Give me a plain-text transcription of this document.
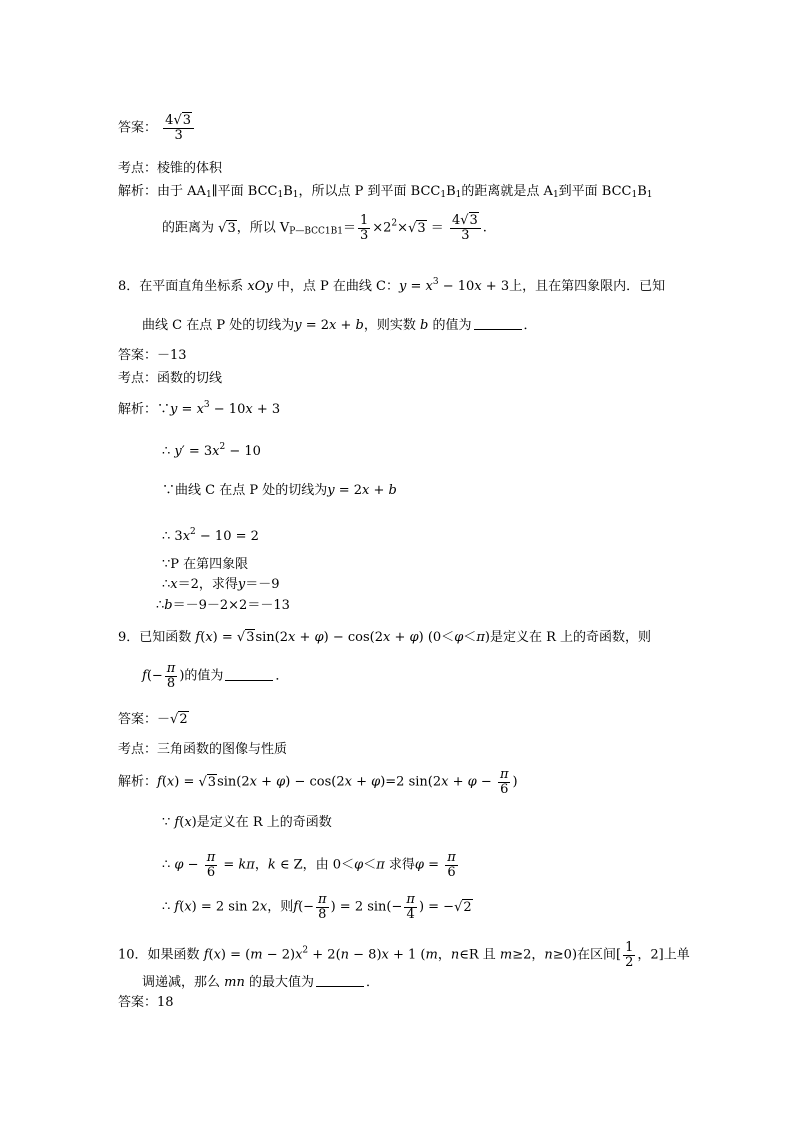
答案： $\frac{4√3}{3}$
考点：棱锥的体积
解析：由于 $AA_1\parallel$平面 $BCC_1B_1$，所以点 P 到平面 $BCC_1B_1$的距离就是点 $A_1$到平面 $BCC_1B_1$
的距离为 √3，所以 $V_{P—BCC1B1}= \frac{1}{3} \times 2^2\times√3 = \frac{4√3}{3}$ .
8．在平面直角坐标系 xOy 中，点 P 在曲线 C：$y = x^3 - 10x + 3$上，且在第四象限内．已知
曲线 C 在点 P 处的切线为y = 2x + b，则实数 b 的值为	．
答案：－13
考点：函数的切线
解析：∵y = $x^3 - 10x + 3$
∴ $y' = 3x^2 - 10$
∵曲线 C 在点 P 处的切线为y = 2x + b
∴ $3x^2 - 10 = 2$
∵P 在第四象限
∴x＝2，求得y＝－9
∴b＝－9－2×2＝－13
9．已知函数 f(x) = √3sin(2x + φ) − cos(2x + φ) (0＜φ＜π)是定义在 R 上的奇函数，则
$f(- \frac{\pi}{8}$ )的值为	．
答案：－√2
考点：三角函数的图像与性质
解析：f(x) = √3sin(2x + φ) − cos(2x + φ)=2 $\sin(2x + \varphi - \frac{\pi}{6}$ )
∵ f(x)是定义在 R 上的奇函数
∴ $\varphi - \frac{\pi}{6} = k\pi$，k ∈ Z，由 0＜φ＜π 求得$\varphi = \frac{\pi}{6}$
∴ f(x) = 2 sin 2x，则$f(- \frac{\pi}{8}$ ) = 2 $\sin(- \frac{\pi}{4}$ ) = −√2
10．如果函数 $f(x) = (m - 2)x^2 + 2(n - 8)x + 1$ (m，n∈R 且 m≥2，n≥0)在区间[ $\frac{1}{2}$ ，2]上单
调递减，那么 mn 的最大值为	．
答案：18
